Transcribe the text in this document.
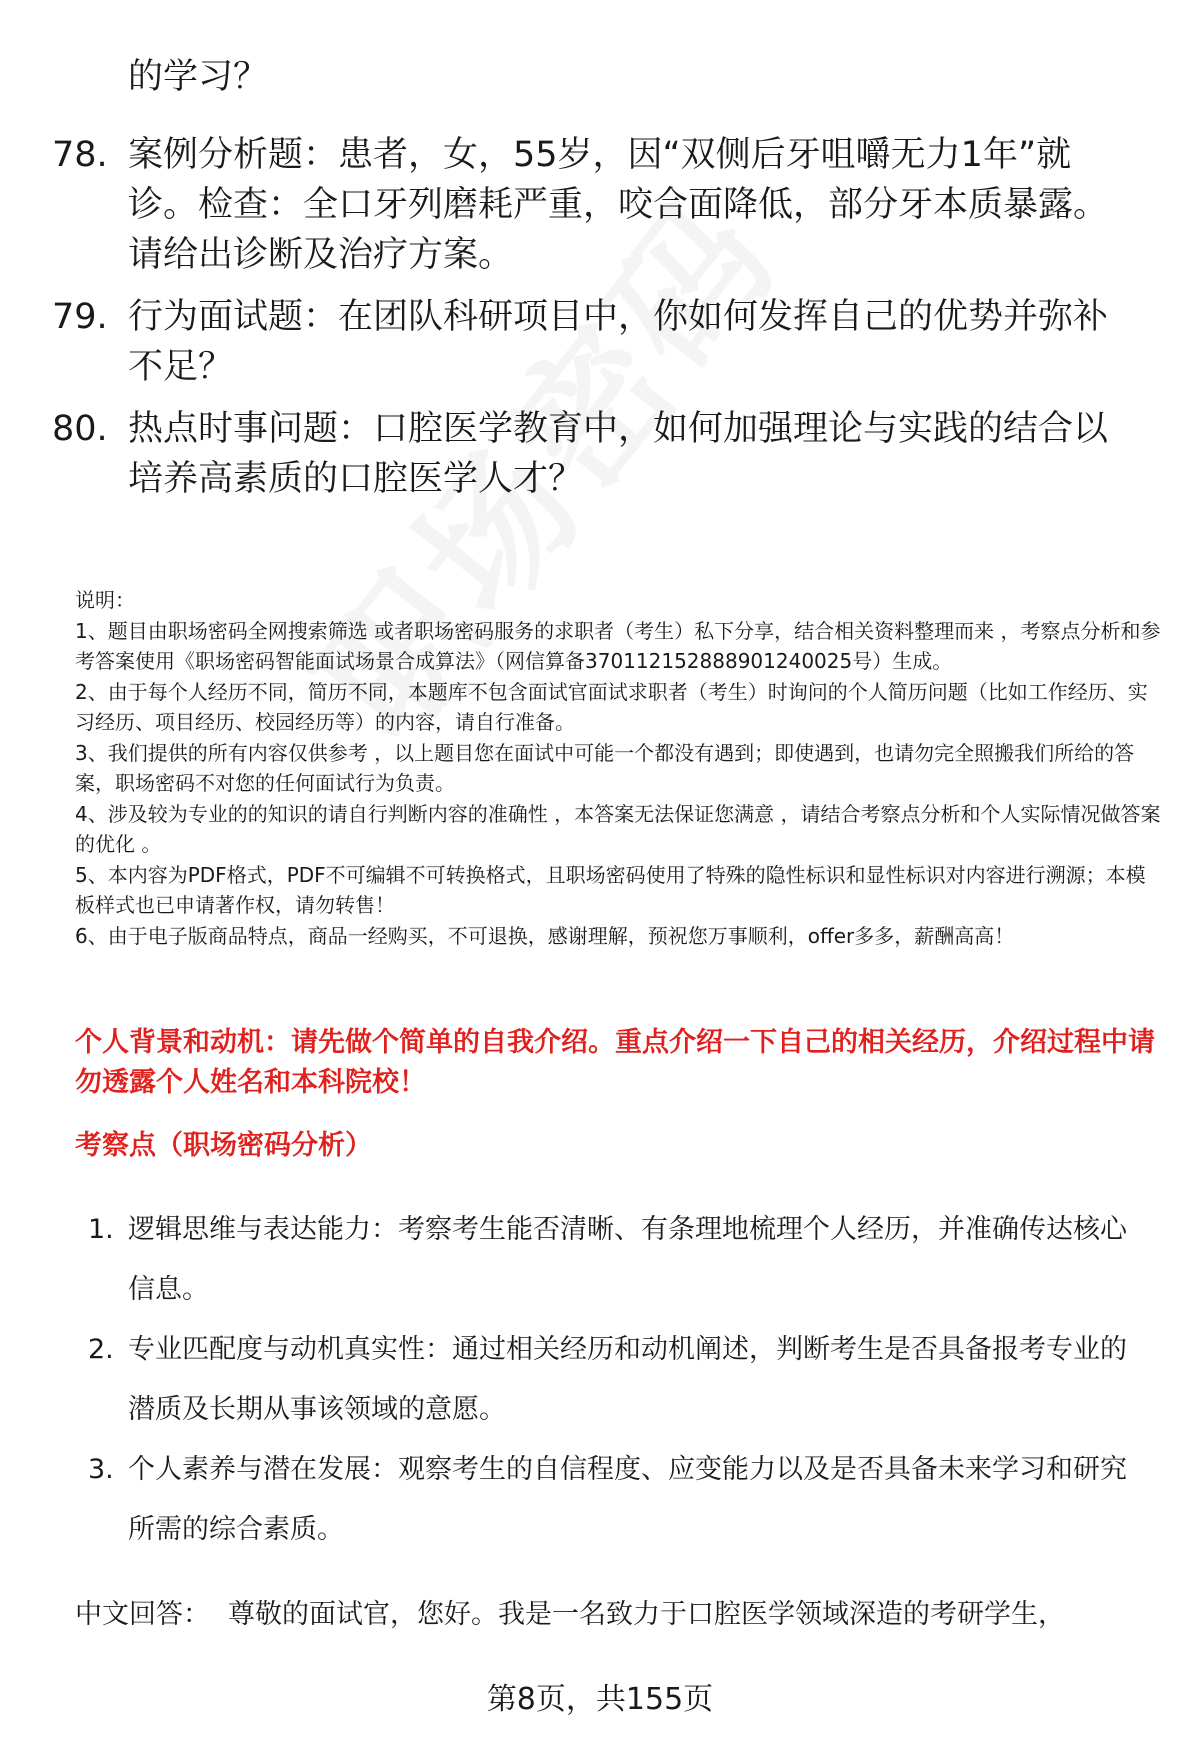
的学习？
78. 案例分析题：患者，女，55岁，因“双侧后牙咀嚼无力1年”就诊。检查：全口牙列磨耗严重，咬合面降低，部分牙本质暴露。请给出诊断及治疗方案。
79. 行为面试题：在团队科研项目中，你如何发挥自己的优势并弥补不足？
80. 热点时事问题：口腔医学教育中，如何加强理论与实践的结合以培养高素质的口腔医学人才？

说明：

1、题目由职场密码全网搜索筛选 或者职场密码服务的求职者（考生）私下分享，结合相关资料整理而来 ，考察点分析和参考答案使用《职场密码智能面试场景合成算法》（网信算备370112152888901240025号）生成。

2、由于每个人经历不同，简历不同，本题库不包含面试官面试求职者（考生）时询问的个人简历问题（比如工作经历、实习经历、项目经历、校园经历等）的内容，请自行准备。

3、我们提供的所有内容仅供参考 ，以上题目您在面试中可能一个都没有遇到；即使遇到，也请勿完全照搬我们所给的答案，职场密码不对您的任何面试行为负责。

4、涉及较为专业的的知识的请自行判断内容的准确性 ，本答案无法保证您满意 ，请结合考察点分析和个人实际情况做答案的优化 。

5、本内容为PDF格式，PDF不可编辑不可转换格式，且职场密码使用了特殊的隐性标识和显性标识对内容进行溯源；本模板样式也已申请著作权，请勿转售！

6、由于电子版商品特点，商品一经购买，不可退换，感谢理解，预祝您万事顺利，offer多多，薪酬高高！

个人背景和动机：请先做个简单的自我介绍。重点介绍一下自己的相关经历，介绍过程中请勿透露个人姓名和本科院校！
考察点（职场密码分析）
1. 逻辑思维与表达能力：考察考生能否清晰、有条理地梳理个人经历，并准确传达核心信息。
2. 专业匹配度与动机真实性：通过相关经历和动机阐述，判断考生是否具备报考专业的潜质及长期从事该领域的意愿。
3. 个人素养与潜在发展：观察考生的自信程度、应变能力以及是否具备未来学习和研究所需的综合素质。
中文回答： 尊敬的面试官，您好。我是一名致力于口腔医学领域深造的考研学生，
第8页，共155页
